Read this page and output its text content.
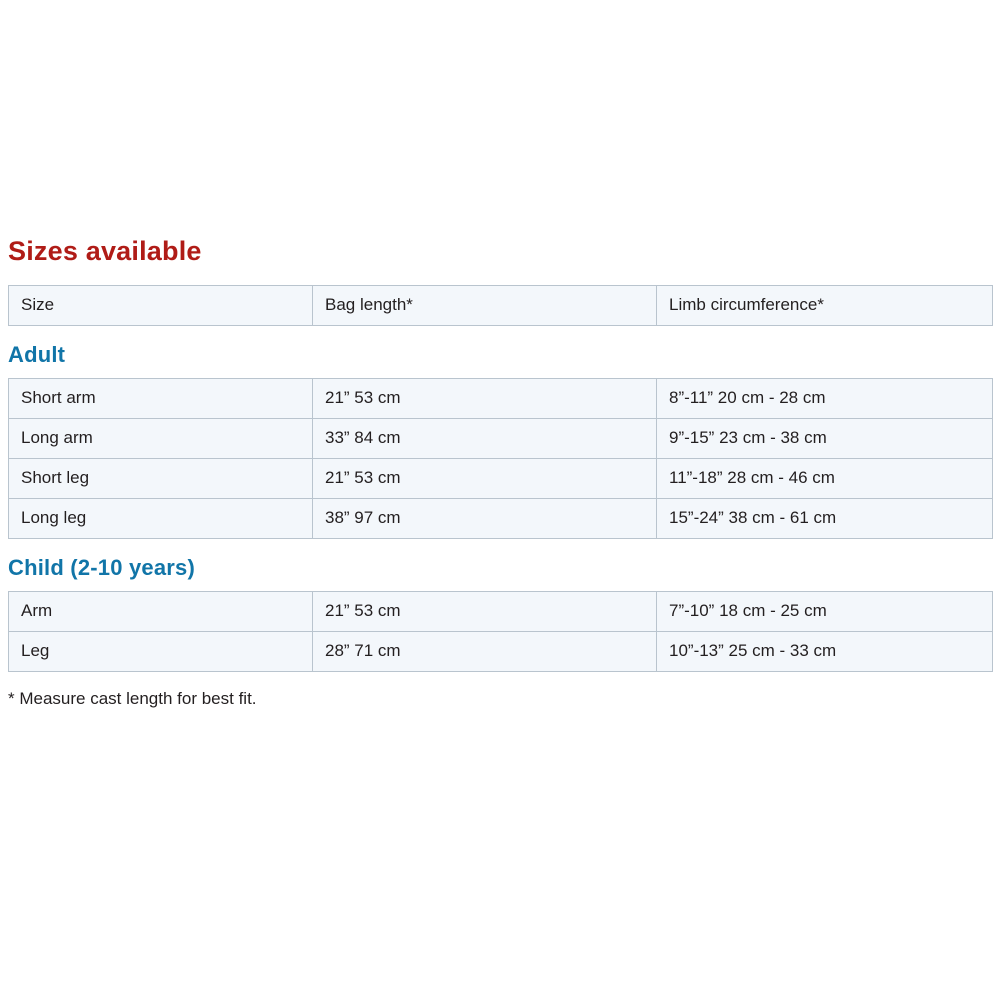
Sizes available
Size	Bag length*	Limb circumference*
Adult
Short arm	21” 53 cm	8”-11” 20 cm - 28 cm
Long arm	33” 84 cm	9”-15” 23 cm - 38 cm
Short leg	21” 53 cm	11”-18” 28 cm - 46 cm
Long leg	38” 97 cm	15”-24” 38 cm - 61 cm
Child (2-10 years)
Arm	21” 53 cm	7”-10” 18 cm - 25 cm
Leg	28” 71 cm	10”-13” 25 cm - 33 cm
* Measure cast length for best fit.
